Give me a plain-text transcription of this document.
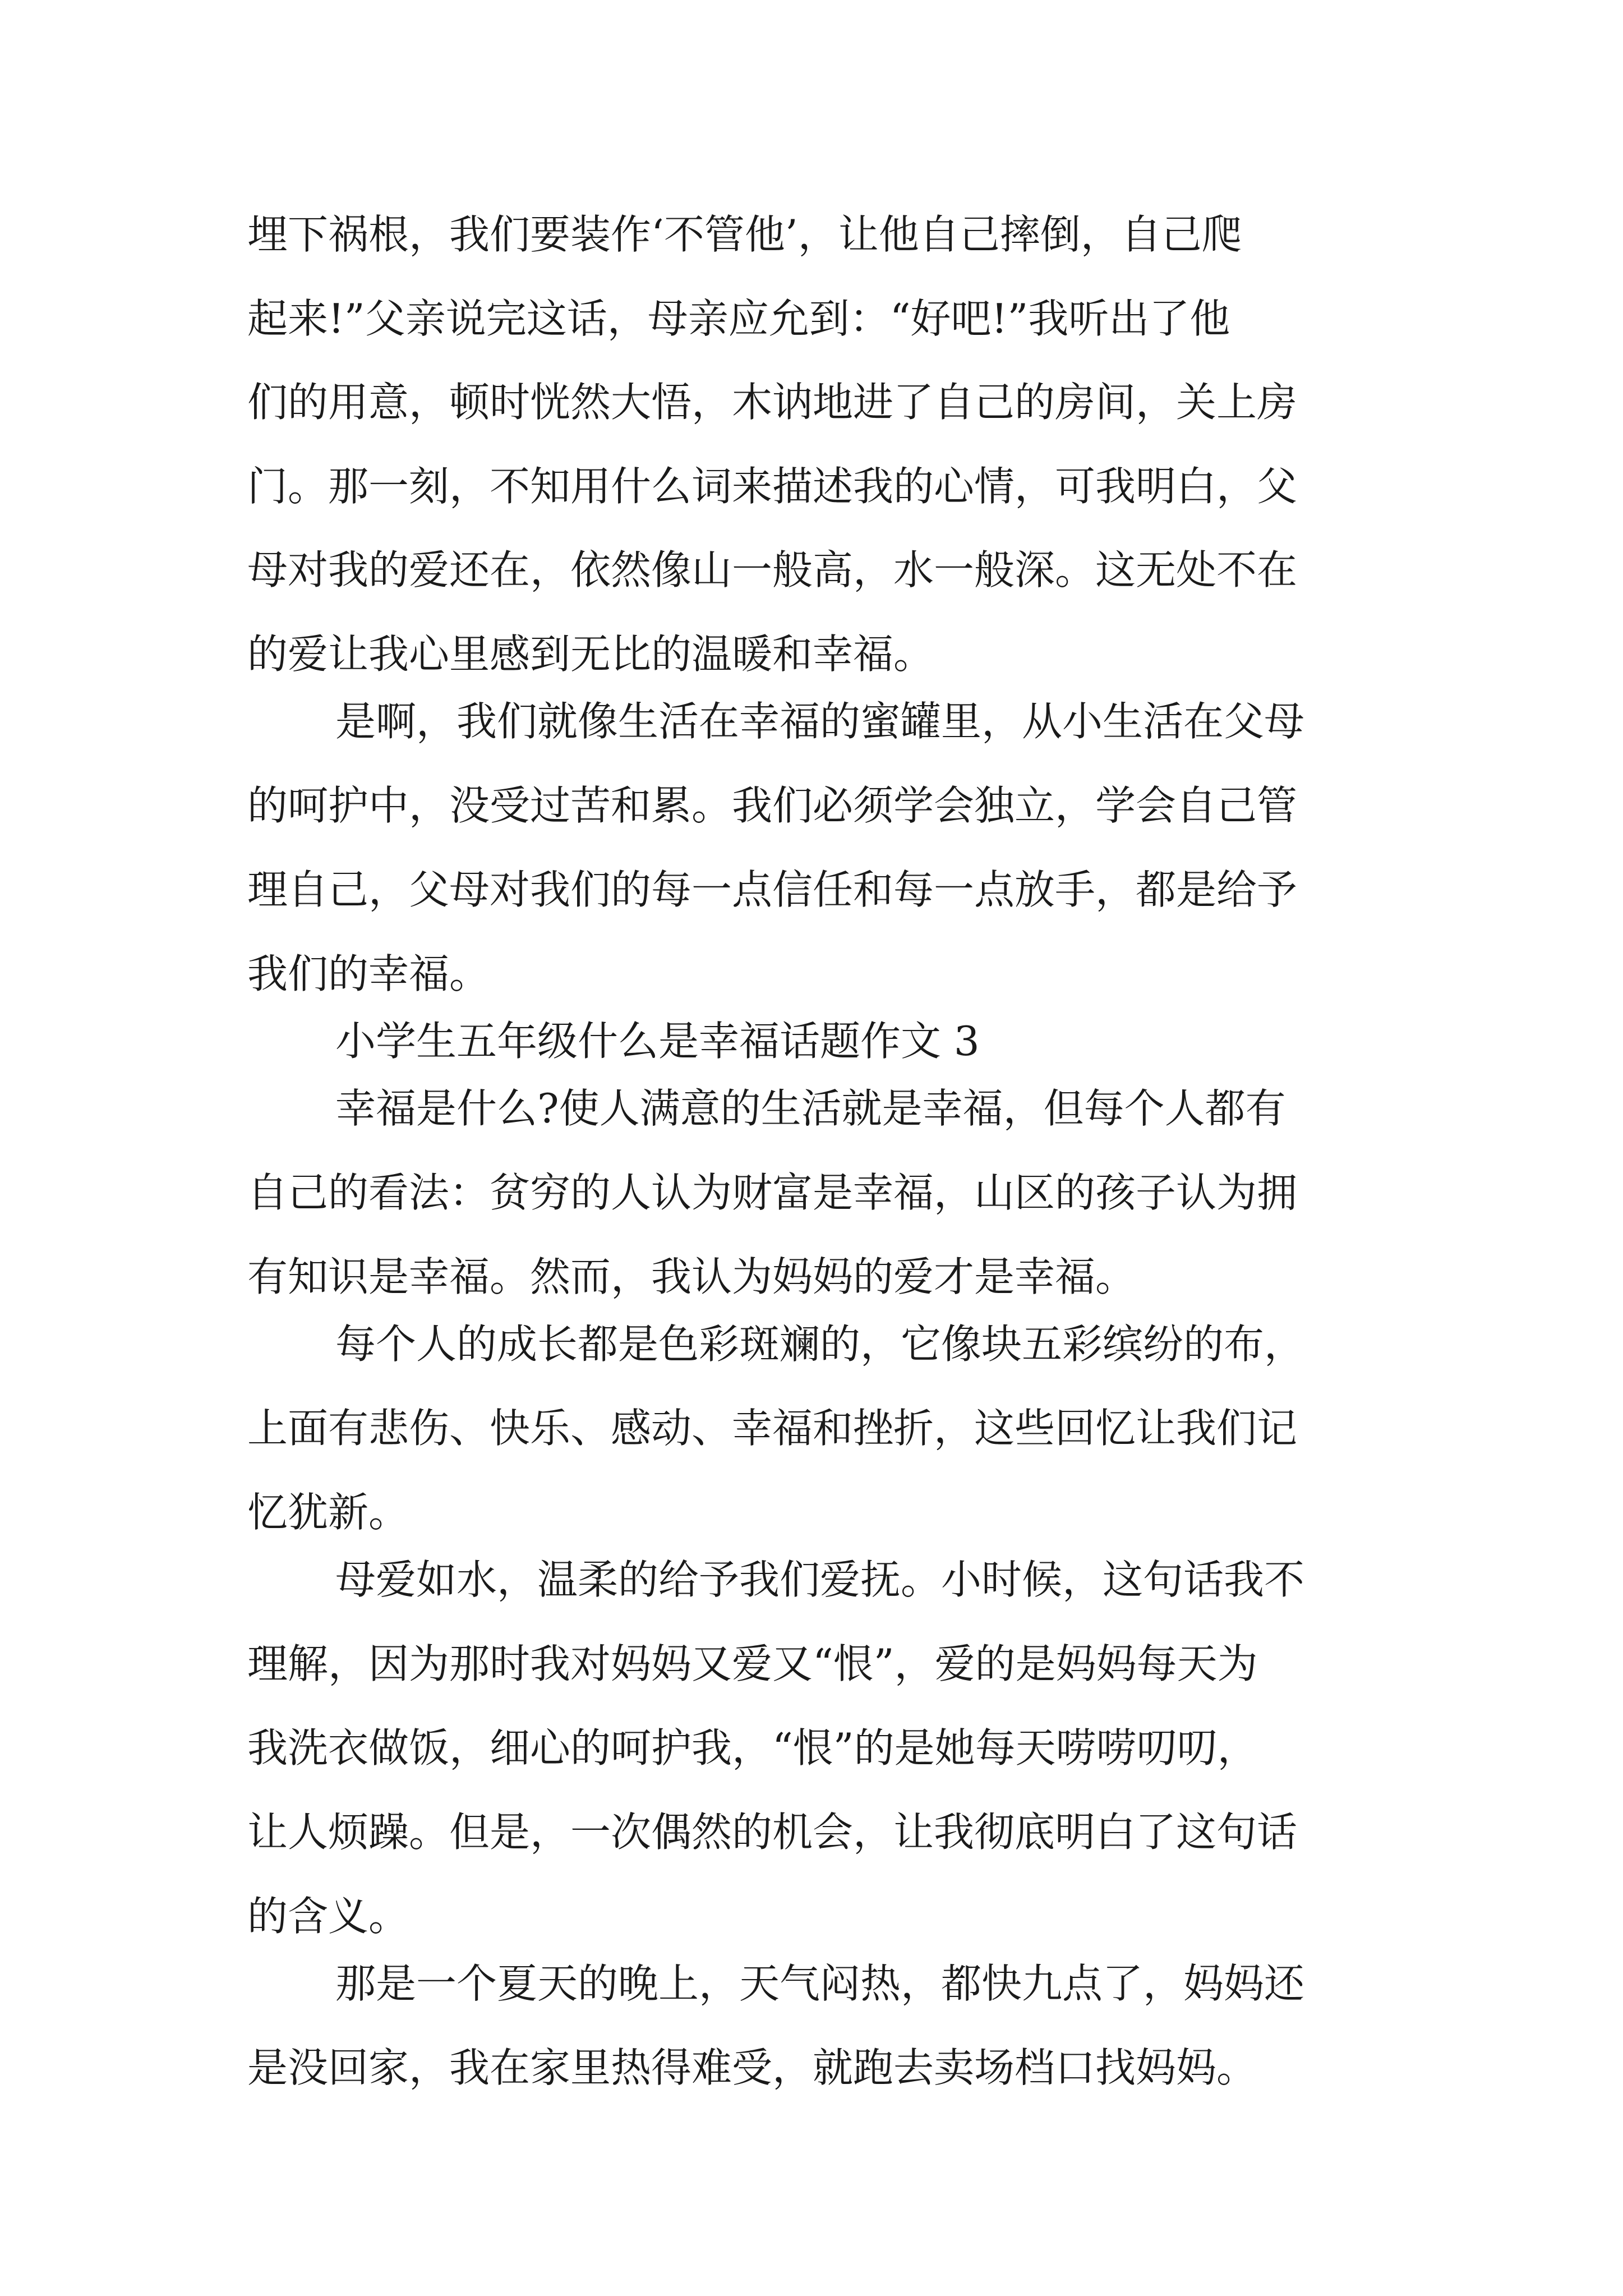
埋下祸根，我们要装作‘不管他’，让他自己摔倒，自己爬

起来!”父亲说完这话，母亲应允到：“好吧!”我听出了他

们的用意，顿时恍然大悟，木讷地进了自己的房间，关上房

门。那一刻，不知用什么词来描述我的心情，可我明白，父

母对我的爱还在，依然像山一般高，水一般深。这无处不在

的爱让我心里感到无比的温暖和幸福。

是啊，我们就像生活在幸福的蜜罐里，从小生活在父母

的呵护中，没受过苦和累。我们必须学会独立，学会自己管

理自己，父母对我们的每一点信任和每一点放手，都是给予

我们的幸福。

小学生五年级什么是幸福话题作文 3

幸福是什么?使人满意的生活就是幸福，但每个人都有

自己的看法：贫穷的人认为财富是幸福，山区的孩子认为拥

有知识是幸福。然而，我认为妈妈的爱才是幸福。

每个人的成长都是色彩斑斓的，它像块五彩缤纷的布，

上面有悲伤、快乐、感动、幸福和挫折，这些回忆让我们记

忆犹新。

母爱如水，温柔的给予我们爱抚。小时候，这句话我不

理解，因为那时我对妈妈又爱又“恨”，爱的是妈妈每天为

我洗衣做饭，细心的呵护我，“恨”的是她每天唠唠叨叨，

让人烦躁。但是，一次偶然的机会，让我彻底明白了这句话

的含义。

那是一个夏天的晚上，天气闷热，都快九点了，妈妈还

是没回家，我在家里热得难受，就跑去卖场档口找妈妈。
